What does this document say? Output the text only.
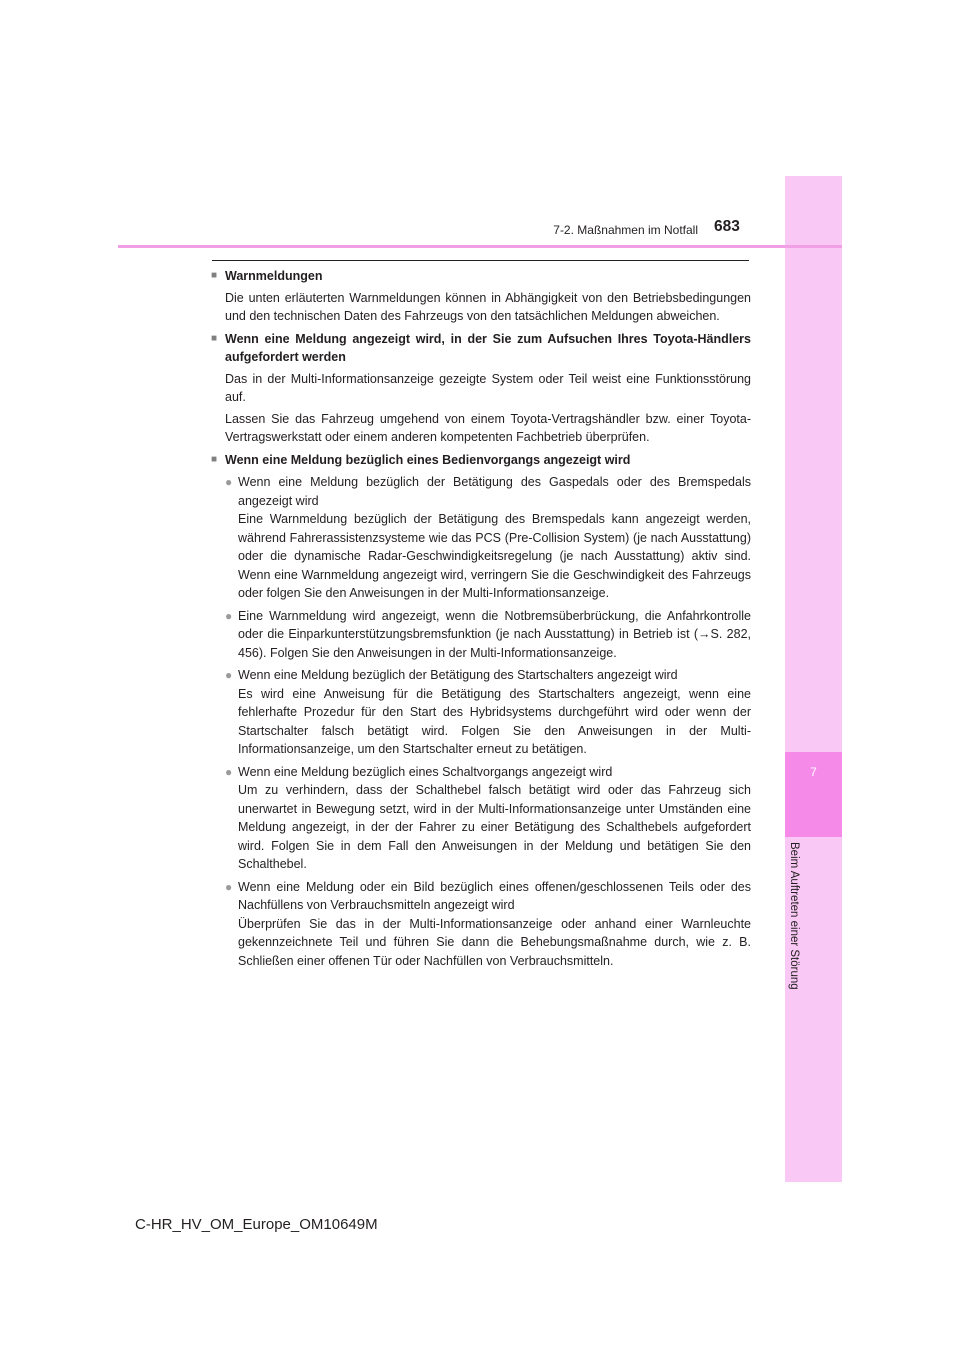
7
Beim Auftreten einer Störung
7-2. Maßnahmen im Notfall 683
■ Warnmeldungen
Die unten erläuterten Warnmeldungen können in Abhängigkeit von den Betriebsbedingungen und den technischen Daten des Fahrzeugs von den tatsächlichen Meldungen abweichen.
■ Wenn eine Meldung angezeigt wird, in der Sie zum Aufsuchen Ihres Toyota-Händlers aufgefordert werden
Das in der Multi-Informationsanzeige gezeigte System oder Teil weist eine Funktionsstörung auf.
Lassen Sie das Fahrzeug umgehend von einem Toyota-Vertragshändler bzw. einer Toyota-Vertragswerkstatt oder einem anderen kompetenten Fachbetrieb überprüfen.
■ Wenn eine Meldung bezüglich eines Bedienvorgangs angezeigt wird
● Wenn eine Meldung bezüglich der Betätigung des Gaspedals oder des Bremspedals angezeigt wird
Eine Warnmeldung bezüglich der Betätigung des Bremspedals kann angezeigt werden, während Fahrerassistenzsysteme wie das PCS (Pre-Collision System) (je nach Ausstattung) oder die dynamische Radar-Geschwindigkeitsregelung (je nach Ausstattung) aktiv sind. Wenn eine Warnmeldung angezeigt wird, verringern Sie die Geschwindigkeit des Fahrzeugs oder folgen Sie den Anweisungen in der Multi-Informationsanzeige.
● Eine Warnmeldung wird angezeigt, wenn die Notbremsüberbrückung, die Anfahrkontrolle oder die Einparkunterstützungsbremsfunktion (je nach Ausstattung) in Betrieb ist (→S. 282, 456). Folgen Sie den Anweisungen in der Multi-Informationsanzeige.
● Wenn eine Meldung bezüglich der Betätigung des Startschalters angezeigt wird
Es wird eine Anweisung für die Betätigung des Startschalters angezeigt, wenn eine fehlerhafte Prozedur für den Start des Hybridsystems durchgeführt wird oder wenn der Startschalter falsch betätigt wird. Folgen Sie den Anweisungen in der Multi-Informationsanzeige, um den Startschalter erneut zu betätigen.
● Wenn eine Meldung bezüglich eines Schaltvorgangs angezeigt wird
Um zu verhindern, dass der Schalthebel falsch betätigt wird oder das Fahrzeug sich unerwartet in Bewegung setzt, wird in der Multi-Informationsanzeige unter Umständen eine Meldung angezeigt, in der der Fahrer zu einer Betätigung des Schalthebels aufgefordert wird. Folgen Sie in dem Fall den Anweisungen in der Meldung und betätigen Sie den Schalthebel.
● Wenn eine Meldung oder ein Bild bezüglich eines offenen/geschlossenen Teils oder des Nachfüllens von Verbrauchsmitteln angezeigt wird
Überprüfen Sie das in der Multi-Informationsanzeige oder anhand einer Warnleuchte gekennzeichnete Teil und führen Sie dann die Behebungsmaßnahme durch, wie z. B. Schließen einer offenen Tür oder Nachfüllen von Verbrauchsmitteln.
C-HR_HV_OM_Europe_OM10649M
